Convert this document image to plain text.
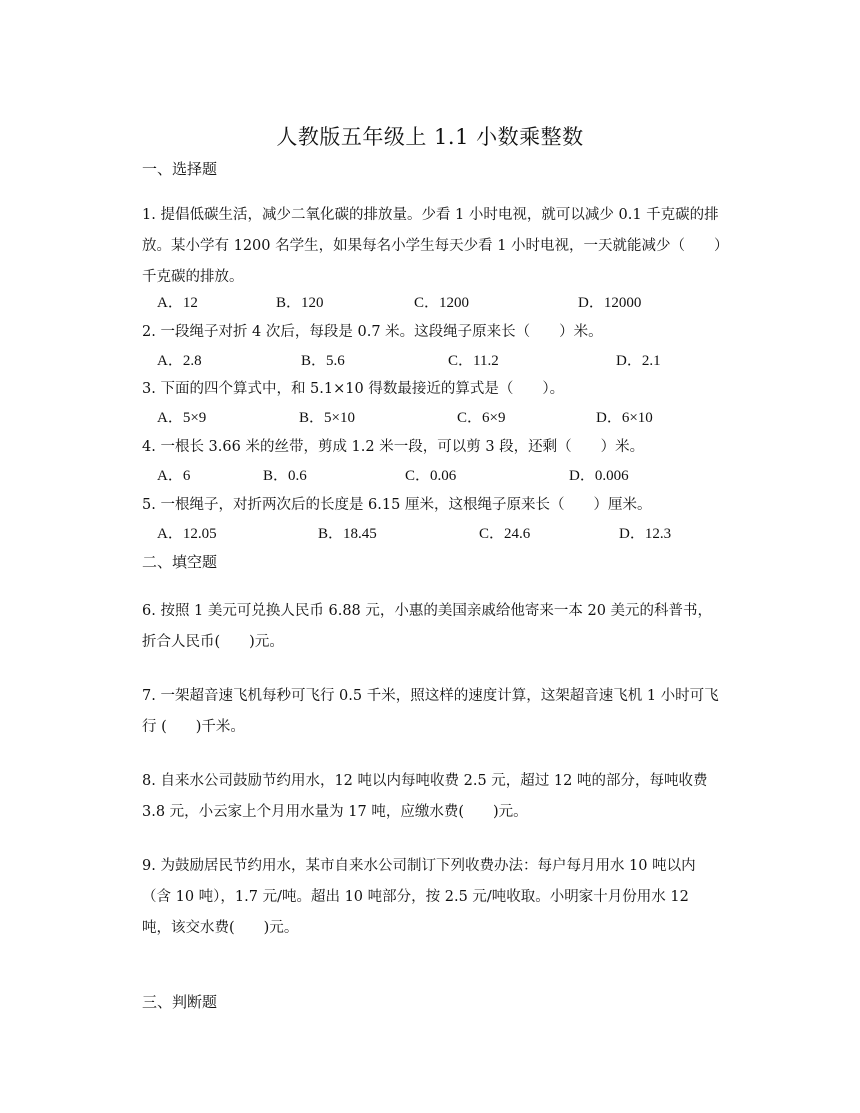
人教版五年级上 1.1 小数乘整数
一、选择题
1. 提倡低碳生活，减少二氧化碳的排放量。少看 1 小时电视，就可以减少 0.1 千克碳的排放。某小学有 1200 名学生，如果每名小学生每天少看 1 小时电视，一天就能减少（　　）千克碳的排放。
A．12	B．120	C．1200	D．12000
2. 一段绳子对折 4 次后，每段是 0.7 米。这段绳子原来长（　　）米。
A．2.8	B．5.6	C．11.2	D．2.1
3. 下面的四个算式中，和 5.1×10 得数最接近的算式是（　　）。
A．5×9	B．5×10	C．6×9	D．6×10
4. 一根长 3.66 米的丝带，剪成 1.2 米一段，可以剪 3 段，还剩（　　）米。
A．6	B．0.6	C．0.06	D．0.006
5. 一根绳子，对折两次后的长度是 6.15 厘米，这根绳子原来长（　　）厘米。
A．12.05	B．18.45	C．24.6	D．12.3
二、填空题
6. 按照 1 美元可兑换人民币 6.88 元，小惠的美国亲戚给他寄来一本 20 美元的科普书，折合人民币(　　)元。
7. 一架超音速飞机每秒可飞行 0.5 千米，照这样的速度计算，这架超音速飞机 1 小时可飞行 (　　)千米。
8. 自来水公司鼓励节约用水，12 吨以内每吨收费 2.5 元，超过 12 吨的部分，每吨收费 3.8 元，小云家上个月用水量为 17 吨，应缴水费(　　)元。
9. 为鼓励居民节约用水，某市自来水公司制订下列收费办法：每户每月用水 10 吨以内（含 10 吨），1.7 元/吨。超出 10 吨部分，按 2.5 元/吨收取。小明家十月份用水 12 吨，该交水费(　　)元。
三、判断题
